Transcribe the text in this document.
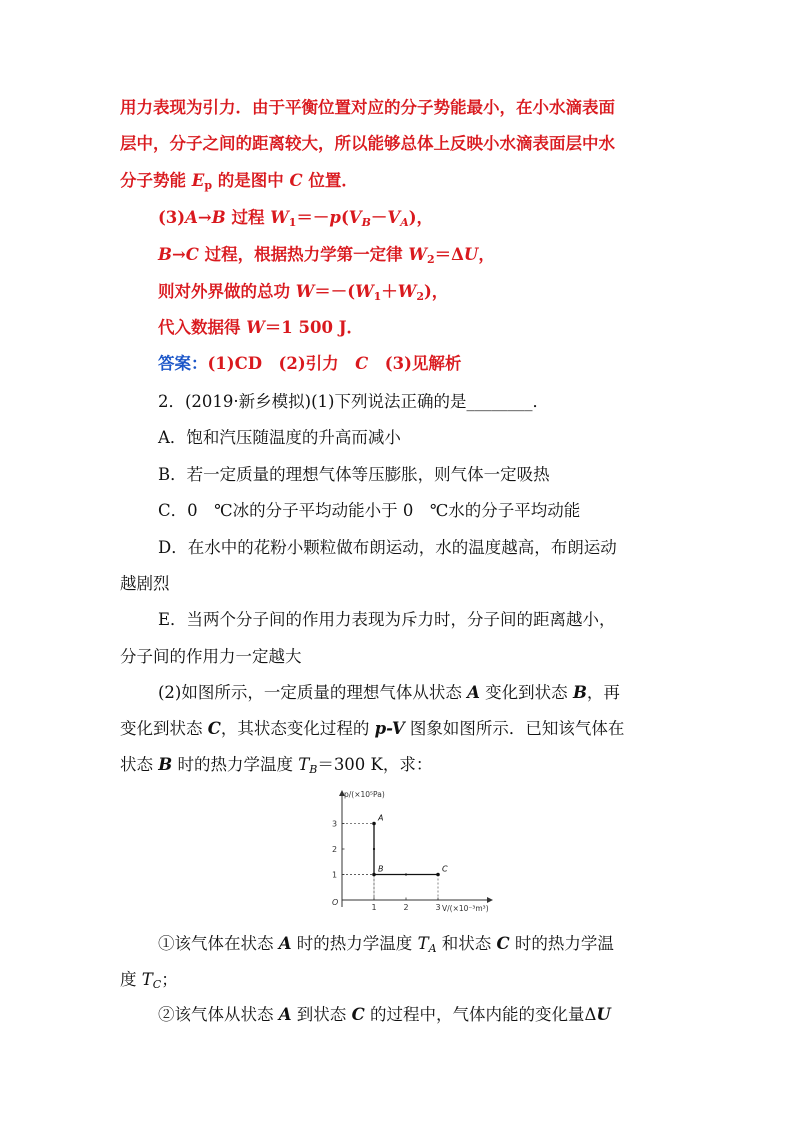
用力表现为引力．由于平衡位置对应的分子势能最小，在小水滴表面
层中，分子之间的距离较大，所以能够总体上反映小水滴表面层中水
分子势能 $E_p$ 的是图中 C 位置．
(3)A→B 过程 $W_1=-p(V_B-V_A)$，
B→C 过程，根据热力学第一定律 $W_2=\Delta U$，
则对外界做的总功 $W=-(W_1+W_2)$，
代入数据得 W＝1 500 J．
答案：(1)CD　(2)引力　C　(3)见解析
2．(2019·新乡模拟)(1)下列说法正确的是________．
A．饱和汽压随温度的升高而减小
B．若一定质量的理想气体等压膨胀，则气体一定吸热
C．0　℃冰的分子平均动能小于 0　℃水的分子平均动能
D．在水中的花粉小颗粒做布朗运动，水的温度越高，布朗运动
越剧烈
E．当两个分子间的作用力表现为斥力时，分子间的距离越小，
分子间的作用力一定越大
(2)如图所示，一定质量的理想气体从状态 A 变化到状态 B，再
变化到状态 C，其状态变化过程的 p-V 图象如图所示．已知该气体在
状态 B 时的热力学温度 $T_B=300$ K，求：
p/(×10⁵Pa)
V/(×10⁻³m³)
O
1	2	3
1
2
3
A
B	C
①该气体在状态 A 时的热力学温度 $T_A$ 和状态 C 时的热力学温
度 $T_C$；
②该气体从状态 A 到状态 C 的过程中，气体内能的变化量ΔU
